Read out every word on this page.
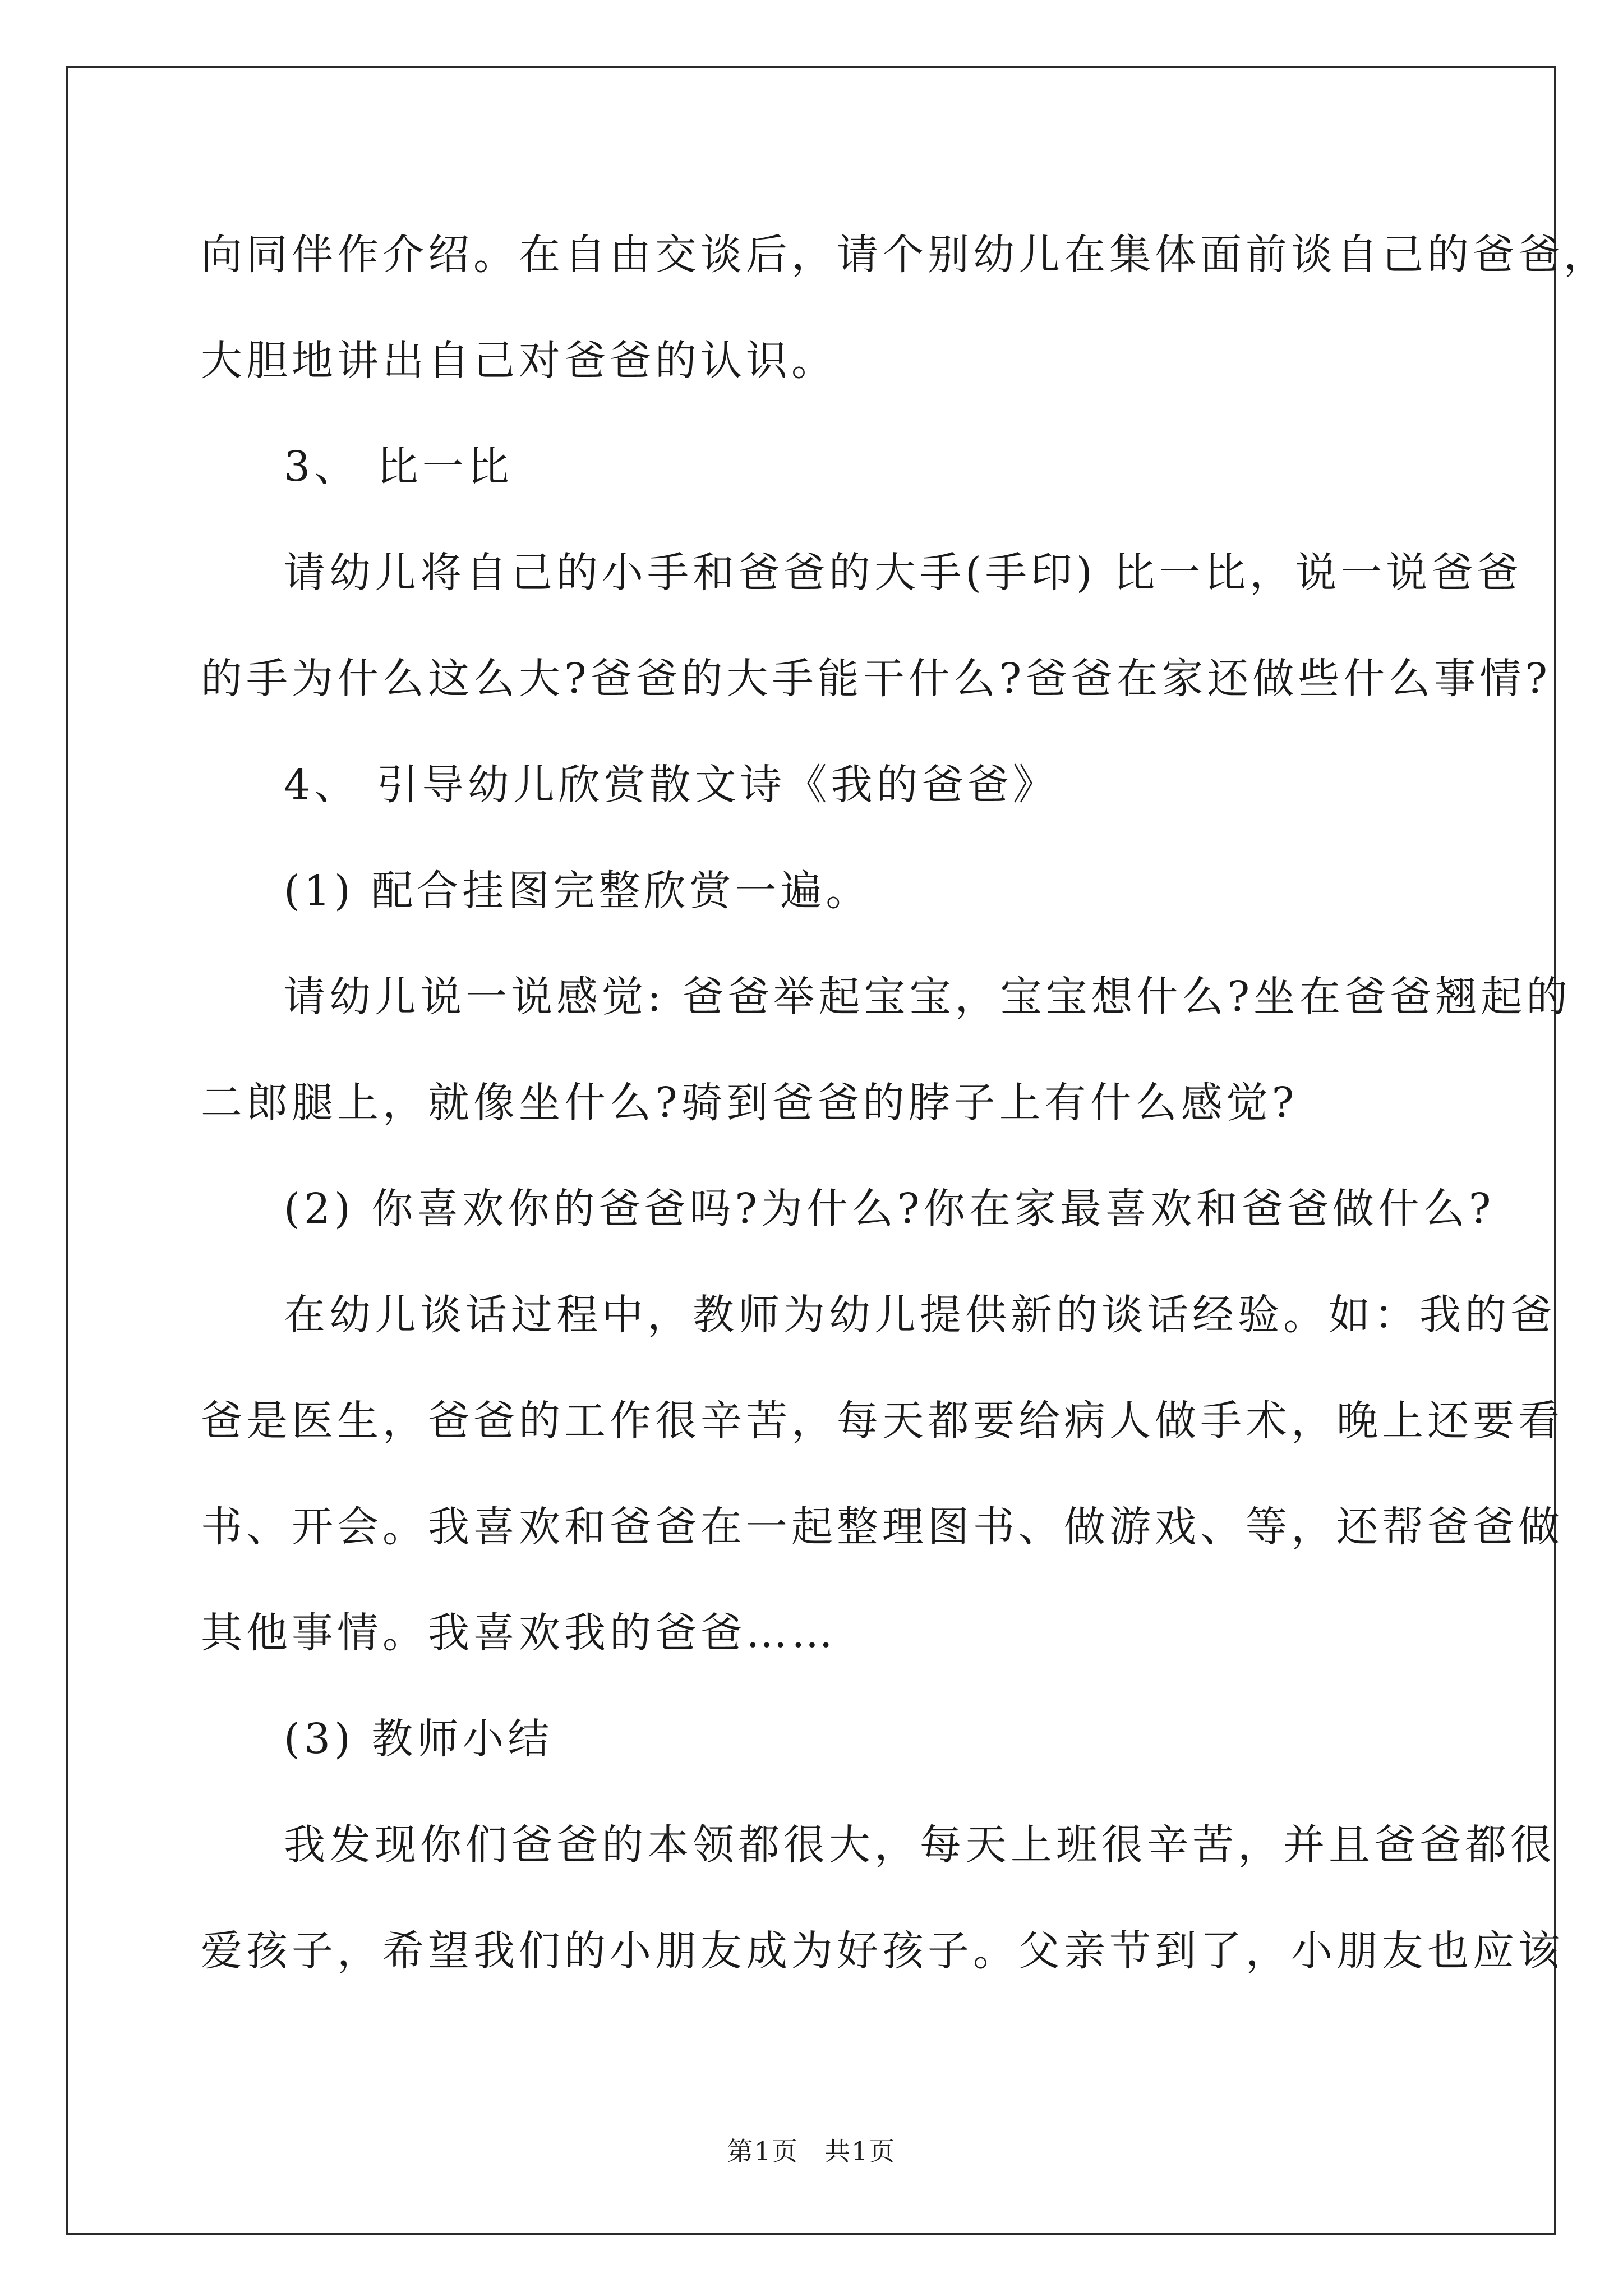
向同伴作介绍。在自由交谈后，请个别幼儿在集体面前谈自己的爸爸，
大胆地讲出自己对爸爸的认识。
3、 比一比
请幼儿将自己的小手和爸爸的大手(手印) 比一比，说一说爸爸
的手为什么这么大?爸爸的大手能干什么?爸爸在家还做些什么事情?
4、 引导幼儿欣赏散文诗《我的爸爸》
(1) 配合挂图完整欣赏一遍。
请幼儿说一说感觉: 爸爸举起宝宝，宝宝想什么?坐在爸爸翘起的
二郎腿上，就像坐什么?骑到爸爸的脖子上有什么感觉?
(2) 你喜欢你的爸爸吗?为什么?你在家最喜欢和爸爸做什么?
在幼儿谈话过程中，教师为幼儿提供新的谈话经验。如：我的爸
爸是医生，爸爸的工作很辛苦，每天都要给病人做手术，晚上还要看
书、开会。我喜欢和爸爸在一起整理图书、做游戏、等，还帮爸爸做
其他事情。我喜欢我的爸爸……
(3) 教师小结
我发现你们爸爸的本领都很大，每天上班很辛苦，并且爸爸都很
爱孩子，希望我们的小朋友成为好孩子。父亲节到了，小朋友也应该
第1页 共1页
